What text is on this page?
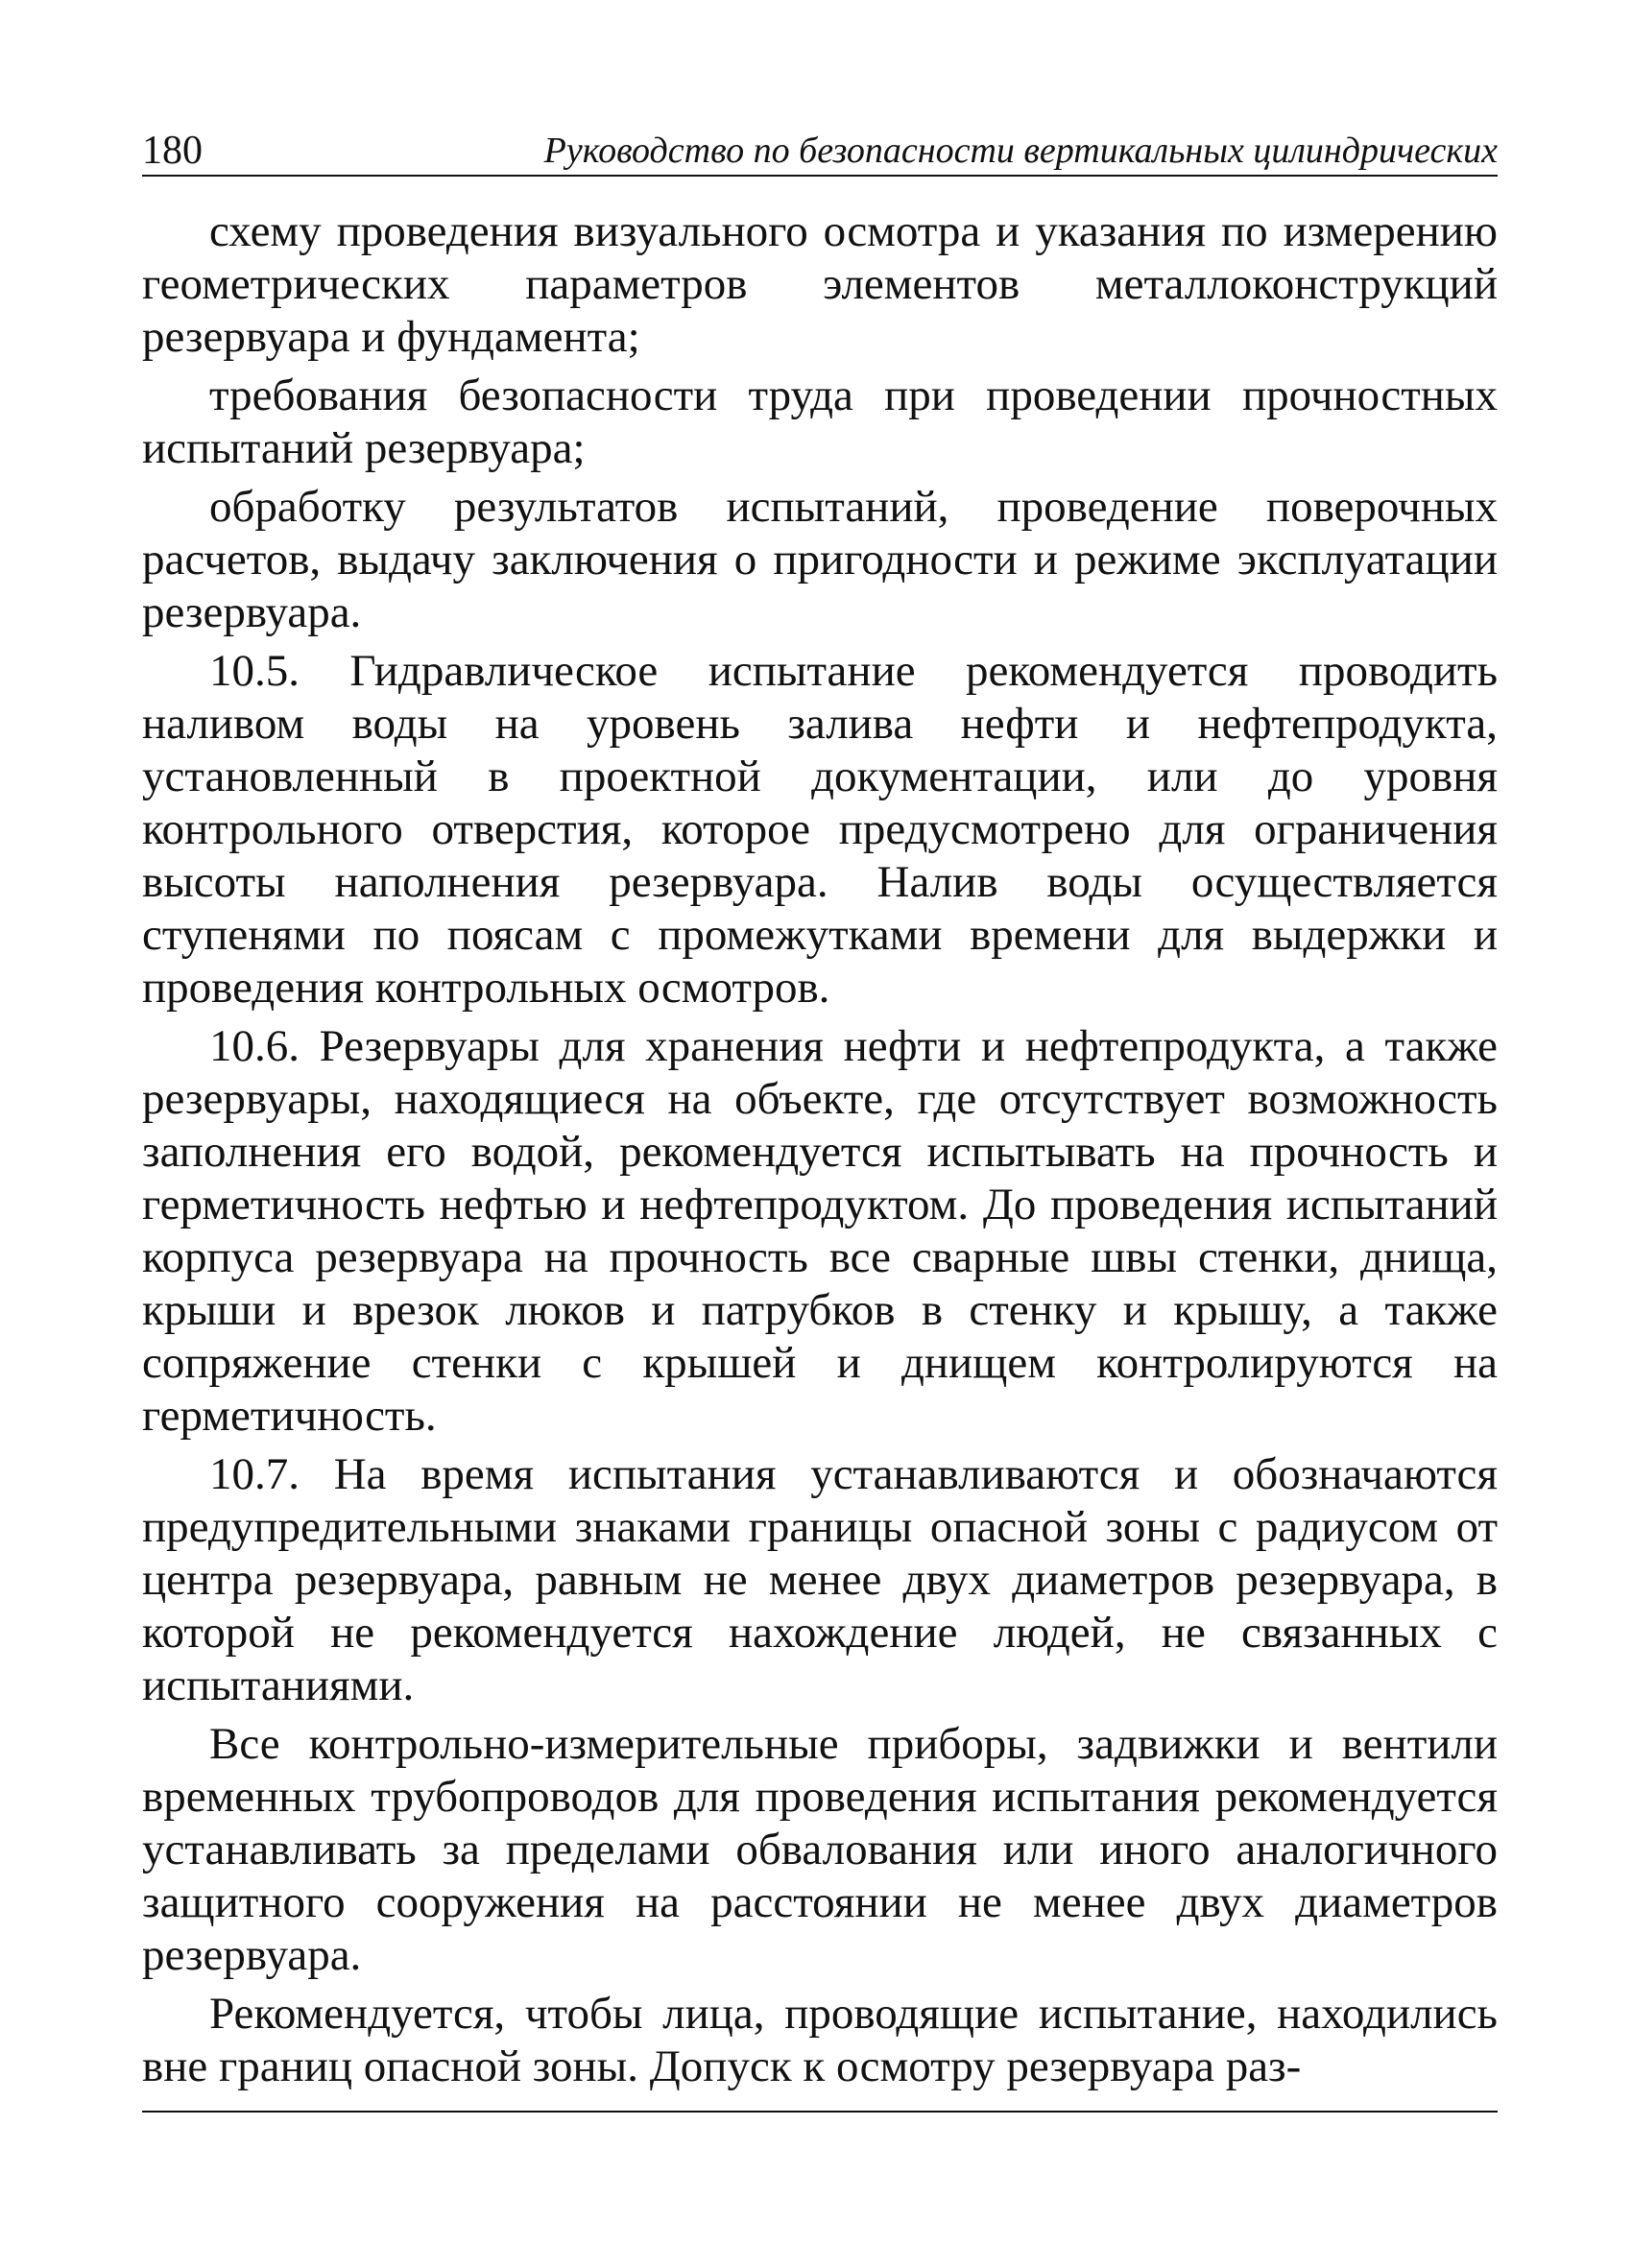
180	Руководство по безопасности вертикальных цилиндрических

схему проведения визуального осмотра и указания по измерению геометрических параметров элементов металлоконструкций резервуара и фундамента;

требования безопасности труда при проведении прочностных испытаний резервуара;

обработку результатов испытаний, проведение поверочных расчетов, выдачу заключения о пригодности и режиме эксплуатации резервуара.

10.5. Гидравлическое испытание рекомендуется проводить наливом воды на уровень залива нефти и нефтепродукта, установленный в проектной документации, или до уровня контрольного отверстия, которое предусмотрено для ограничения высоты наполнения резервуара. Налив воды осуществляется ступенями по поясам с промежутками времени для выдержки и проведения контрольных осмотров.

10.6. Резервуары для хранения нефти и нефтепродукта, а также резервуары, находящиеся на объекте, где отсутствует возможность заполнения его водой, рекомендуется испытывать на прочность и герметичность нефтью и нефтепродуктом. До проведения испытаний корпуса резервуара на прочность все сварные швы стенки, днища, крыши и врезок люков и патрубков в стенку и крышу, а также сопряжение стенки с крышей и днищем контролируются на герметичность.

10.7. На время испытания устанавливаются и обозначаются предупредительными знаками границы опасной зоны с радиусом от центра резервуара, равным не менее двух диаметров резервуара, в которой не рекомендуется нахождение людей, не связанных с испытаниями.

Все контрольно-измерительные приборы, задвижки и вентили временных трубопроводов для проведения испытания рекомендуется устанавливать за пределами обвалования или иного аналогичного защитного сооружения на расстоянии не менее двух диаметров резервуара.

Рекомендуется, чтобы лица, проводящие испытание, находились вне границ опасной зоны. Допуск к осмотру резервуара раз-
